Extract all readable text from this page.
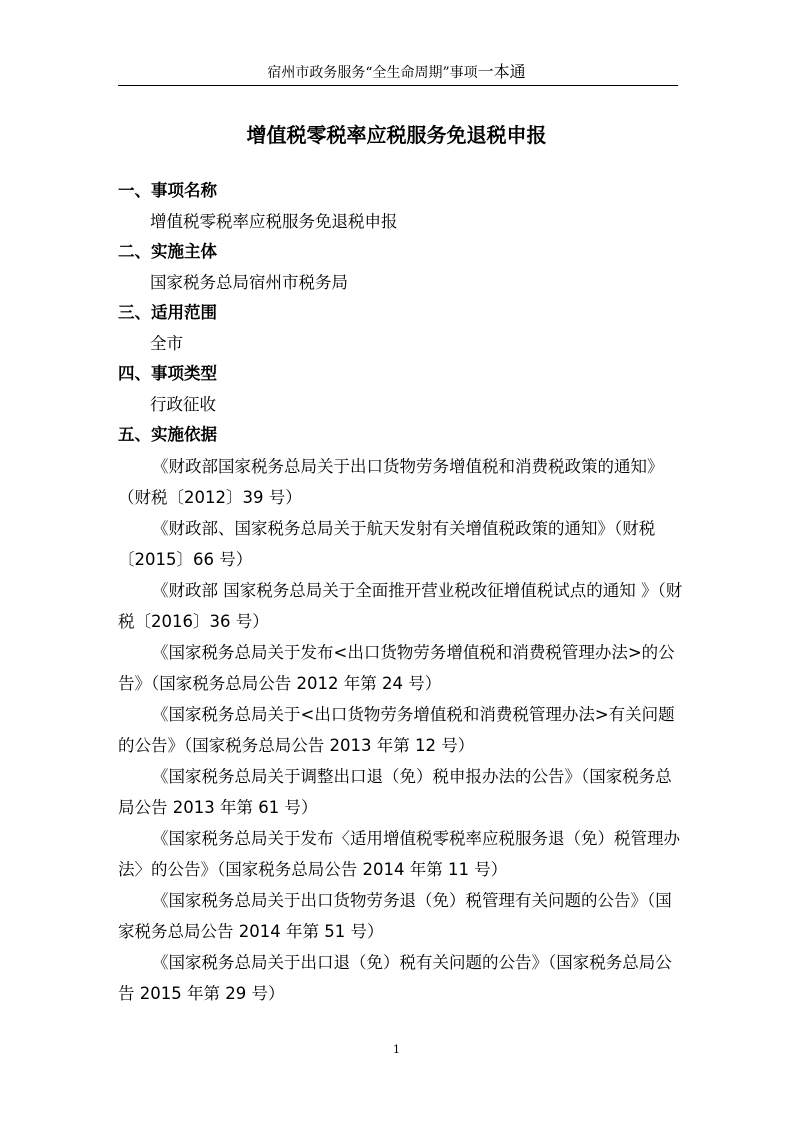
宿州市政务服务“全生命周期”事项一本通
增值税零税率应税服务免退税申报
一、事项名称
增值税零税率应税服务免退税申报
二、实施主体
国家税务总局宿州市税务局
三、适用范围
全市
四、事项类型
行政征收
五、实施依据

《财政部国家税务总局关于出口货物劳务增值税和消费税政策的通知》（财税〔2012〕39 号）

《财政部、国家税务总局关于航天发射有关增值税政策的通知》（财税〔2015〕66 号）

《财政部 国家税务总局关于全面推开营业税改征增值税试点的通知 》（财税〔2016〕36 号）

《国家税务总局关于发布<出口货物劳务增值税和消费税管理办法>的公告》（国家税务总局公告 2012 年第 24 号）

《国家税务总局关于<出口货物劳务增值税和消费税管理办法>有关问题的公告》（国家税务总局公告 2013 年第 12 号）

《国家税务总局关于调整出口退（免）税申报办法的公告》（国家税务总局公告 2013 年第 61 号）

《国家税务总局关于发布〈适用增值税零税率应税服务退（免）税管理办法〉的公告》（国家税务总局公告 2014 年第 11 号）

《国家税务总局关于出口货物劳务退（免）税管理有关问题的公告》（国家税务总局公告 2014 年第 51 号）

《国家税务总局关于出口退（免）税有关问题的公告》（国家税务总局公告 2015 年第 29 号）

1
